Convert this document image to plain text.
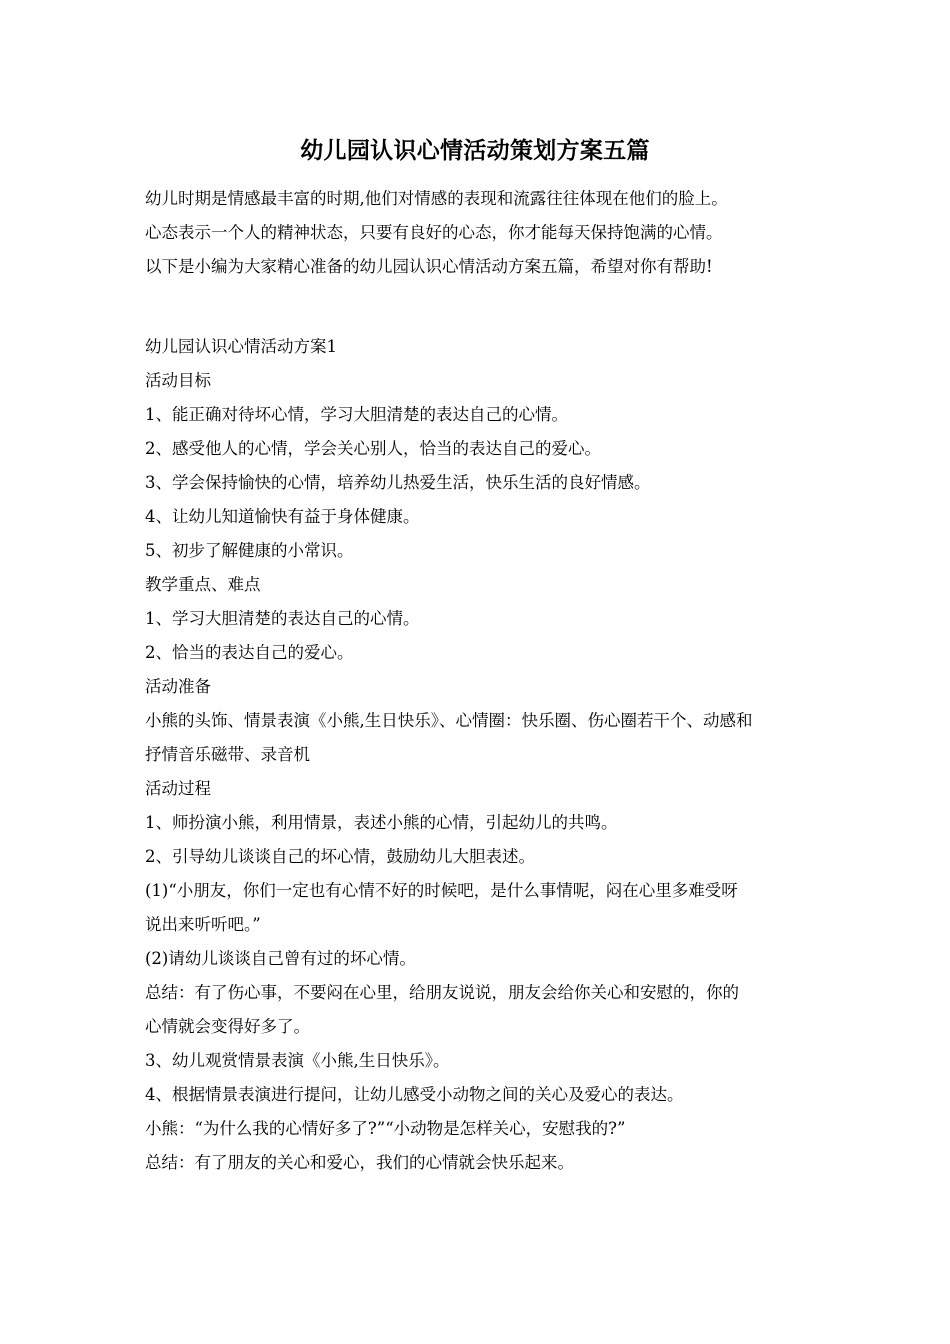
幼儿园认识心情活动策划方案五篇

幼儿时期是情感最丰富的时期,他们对情感的表现和流露往往体现在他们的脸上。

心态表示一个人的精神状态，只要有良好的心态，你才能每天保持饱满的心情。

以下是小编为大家精心准备的幼儿园认识心情活动方案五篇，希望对你有帮助!

幼儿园认识心情活动方案1

活动目标

1、能正确对待坏心情，学习大胆清楚的表达自己的心情。

2、感受他人的心情，学会关心别人，恰当的表达自己的爱心。

3、学会保持愉快的心情，培养幼儿热爱生活，快乐生活的良好情感。

4、让幼儿知道愉快有益于身体健康。

5、初步了解健康的小常识。

教学重点、难点

1、学习大胆清楚的表达自己的心情。

2、恰当的表达自己的爱心。

活动准备

小熊的头饰、情景表演《小熊,生日快乐》、心情圈：快乐圈、伤心圈若干个、动感和

抒情音乐磁带、录音机

活动过程

1、师扮演小熊，利用情景，表述小熊的心情，引起幼儿的共鸣。

2、引导幼儿谈谈自己的坏心情，鼓励幼儿大胆表述。

(1)“小朋友，你们一定也有心情不好的时候吧，是什么事情呢，闷在心里多难受呀

说出来听听吧。”

(2)请幼儿谈谈自己曾有过的坏心情。

总结：有了伤心事，不要闷在心里，给朋友说说，朋友会给你关心和安慰的，你的

心情就会变得好多了。

3、幼儿观赏情景表演《小熊,生日快乐》。

4、根据情景表演进行提问，让幼儿感受小动物之间的关心及爱心的表达。

小熊：“为什么我的心情好多了?”“小动物是怎样关心，安慰我的?”

总结：有了朋友的关心和爱心，我们的心情就会快乐起来。
